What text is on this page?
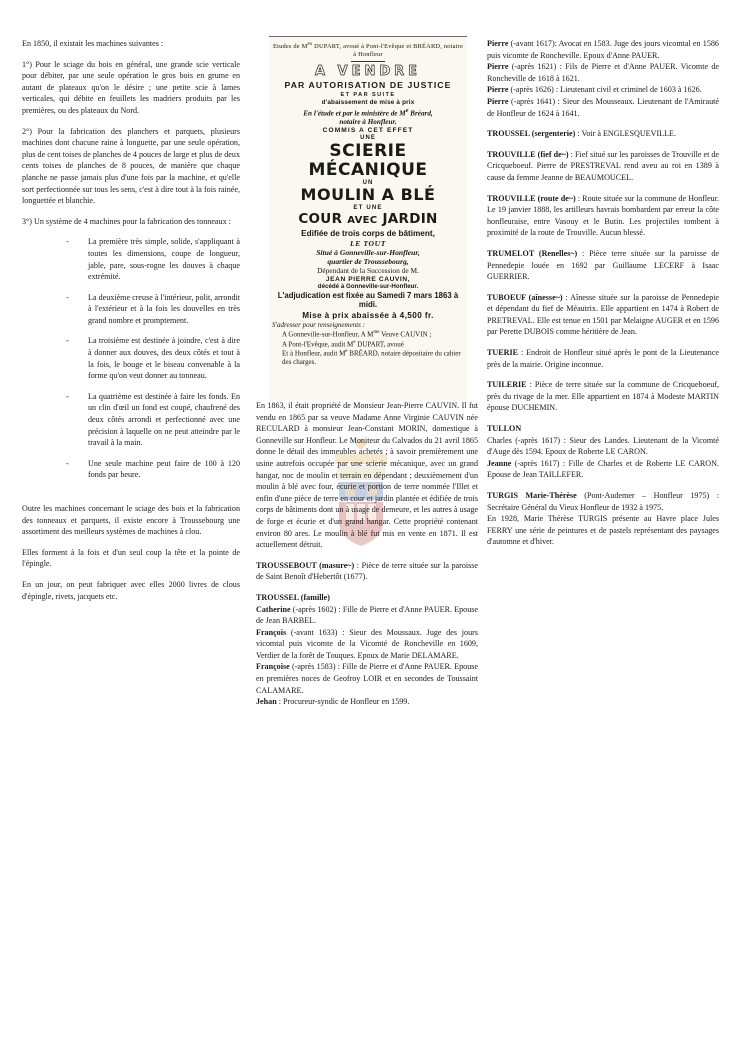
En 1850, il existait les machines suivantes :

1°) Pour le sciage du bois en général, une grande scie verticale pour débiter, par une seule opération le gros bois en grume en autant de plateaux qu'on le désire ; une petite scie à lames verticales, qui débite en feuillets les madriers produits par les premières, ou des plateaux du Nord.

2°) Pour la fabrication des planchers et parquets, plusieurs machines dont chacune raine à longuette, par une seule opération, plus de cent toises de planches de 4 pouces de large et plus de deux cents toises de planches de 8 pouces, de manière que chaque planche ne passe jamais plus d'une fois par la machine, et qu'elle sort perfectionnée sur tous les sens, c'est à dire tout à la fois rainée, longuettée et blanchie.

3°) Un système de 4 machines pour la fabrication des tonneaux :

- La première très simple, solide, s'appliquant à toutes les dimensions, coupe de longueur, jable, pare, sous-rogne les douves à chaque extrémité.
- La deuxième creuse à l'intérieur, polit, arrondit à l'extérieur et à la fois les douvelles en très grand nombre et promptement.
- La troisième est destinée à joindre, c'est à dire à donner aux douves, des deux côtés et tout à la fois, le bouge et le biseau convenable à la forme qu'on veut donner au tonneau.
- La quatrième est destinée à faire les fonds. En un clin d'œil un fond est coupé, chaufrené des deux côtés arrondi et perfectionné avec une précision à laquelle on ne peut atteindre par le travail à la main.
- Une seule machine peut faire de 100 à 120 fonds par heure.

Outre les machines concernant le sciage des bois et la fabrication des tonneaux et parquets, il existe encore à Troussebourg une assortiment des meilleurs systèmes de machines à clou.

Elles forment à la fois et d'un seul coup la tête et la pointe de l'épingle.

En un jour, on peut fabriquer avec elles 2000 livres de clous d'épingle, rivets, jacquets etc.

Etudes de $M^{es}$ DUPART, avoué à Pont-l'Evêque et BRÉARD, notaire à Honfleur
A VENDRE
PAR AUTORISATION DE JUSTICE
ET PAR SUITE
d'abaissement de mise à prix
En l'étude et par le ministère de Me Bréard,
notaire à Honfleur.
COMMIS A CET EFFET
UNE
SCIERIE MÉCANIQUE
UN
MOULIN A BLÉ
ET UNE
COUR AVEC JARDIN
Edifiée de trois corps de bâtiment,
LE TOUT
Situé à Gonneville-sur-Honfleur,
quartier de Troussebourg,
Dépendant de la Succession de M.
JEAN PIERRE CAUVIN,
décédé à Gonneville-sur-Honfleur.
L'adjudication est fixée au Samedi 7 mars 1863 à midi.
Mise à prix abaissée à 4,500 fr.
S'adresser pour renseignements :
A Gonneville-sur-Honfleur, A $M^{me}$ Veuve CAUVIN ;
A Pont-l'Evêque, audit Me DUPART, avoué
Et à Honfleur, audit Me BRÉARD, notaire dépositaire du cahier des charges.

En 1863, il était propriété de Monsieur Jean-Pierre CAUVIN. Il fut vendu en 1865 par sa veuve Madame Anne Virginie CAUVIN née RECULARD à monsieur Jean-Constant MORIN, domestique à Gonneville sur Honfleur. Le Moniteur du Calvados du 21 avril 1865 donne le détail des immeubles achetés ; à savoir premièrement une usine autrefois occupée par une scierie mécanique, avec un grand hangar, noc de moulin et terrain en dépendant ; deuxièmement d'un moulin à blé avec four, écurie et portion de terre nommée l'Illet et enfin d'une pièce de terre en cour et jardin plantée et édifiée de trois corps de bâtiments dont un à usage de demeure, et les autres à usage de forge et écurie et d'un grand hangar. Cette propriété contenant environ 80 ares. Le moulin à blé fut mis en vente en 1871. Il est actuellement détruit.

TROUSSEBOUT (masure~) : Pièce de terre située sur la paroisse de Saint Benoît d'Hebertôt (1677).

TROUSSEL (famille)

Catherine (-après 1602) : Fille de Pierre et d'Anne PAUER. Epouse de Jean BARBEL.

François (-avant 1633) : Sieur des Moussaux. Juge des jours vicomtal puis vicomte de la Vicomté de Roncheville en 1609, Verdier de la forêt de Touques. Epoux de Marie DELAMARE.

Françoise (-après 1583) : Fille de Pierre et d'Anne PAUER. Epouse en premières noces de Geofroy LOIR et en secondes de Toussaint CALAMARE.

Jehan : Procureur-syndic de Honfleur en 1599.

Pierre (-avant 1617): Avocat en 1583. Juge des jours vicomtal en 1586 puis vicomte de Roncheville. Epoux d'Anne PAUER.

Pierre (-après 1621) : Fils de Pierre et d'Anne PAUER. Vicomte de Roncheville de 1618 à 1621.

Pierre (-après 1626) : Lieutenant civil et criminel de 1603 à 1626.

Pierre (-après 1641) : Sieur des Mousseaux. Lieutenant de l'Amirauté de Honfleur de 1624 à 1641.

TROUSSEL (sergenterie) : Voir à ENGLESQUEVILLE.

TROUVILLE (fief de~) : Fief situé sur les paroisses de Trouville et de Cricqueboeuf. Pierre de PRESTREVAL rend aveu au roi en 1389 à cause da femme Jeanne de BEAUMOUCEL.

TROUVILLE (route de~) : Route située sur la commune de Honfleur. Le 19 janvier 1888, les artilleurs havrais bombardent par erreur la côte honfleuraise, entre Vasouy et le Butin. Les projectiles tombent à proximité de la route de Trouville. Aucun blessé.

TRUMELOT (Renelles~) : Pièce terre située sur la paroisse de Pennedepie louée en 1692 par Guillaume LECERF à Isaac GUERRIER.

TUBOEUF (aînesse~) : Aînesse située sur la paroisse de Pennedepie et dépendant du fief de Méautrix. Elle appartient en 1474 à Robert de PRETREVAL. Elle est tenue en 1501 par Melaigne AUGER et en 1596 par Perette DUBOIS comme héritière de Jean.

TUERIE : Endroit de Honfleur situé après le pont de la Lieutenance près de la mairie. Origine inconnue.

TUILERIE : Pièce de terre située sur la commune de Cricqueboeuf, près du rivage de la mer. Elle appartient en 1874 à Modeste MARTIN épouse DUCHEMIN.

TULLON

Charles (-après 1617) : Sieur des Landes. Lieutenant de la Vicomté d'Auge dès 1594. Epoux de Roberte LE CARON.

Jeanne (-après 1617) : Fille de Charles et de Roberte LE CARON. Epouse de Jean TAILLEFER.

TURGIS Marie-Thérèse (Pont-Audemer – Honfleur 1975) : Secrétaire Général du Vieux Honfleur de 1932 à 1975.

En 1928, Marie Thérèse TURGIS présente au Havre place Jules FERRY une série de peintures et de pastels représentant des paysages d'automne et d'hiver.
